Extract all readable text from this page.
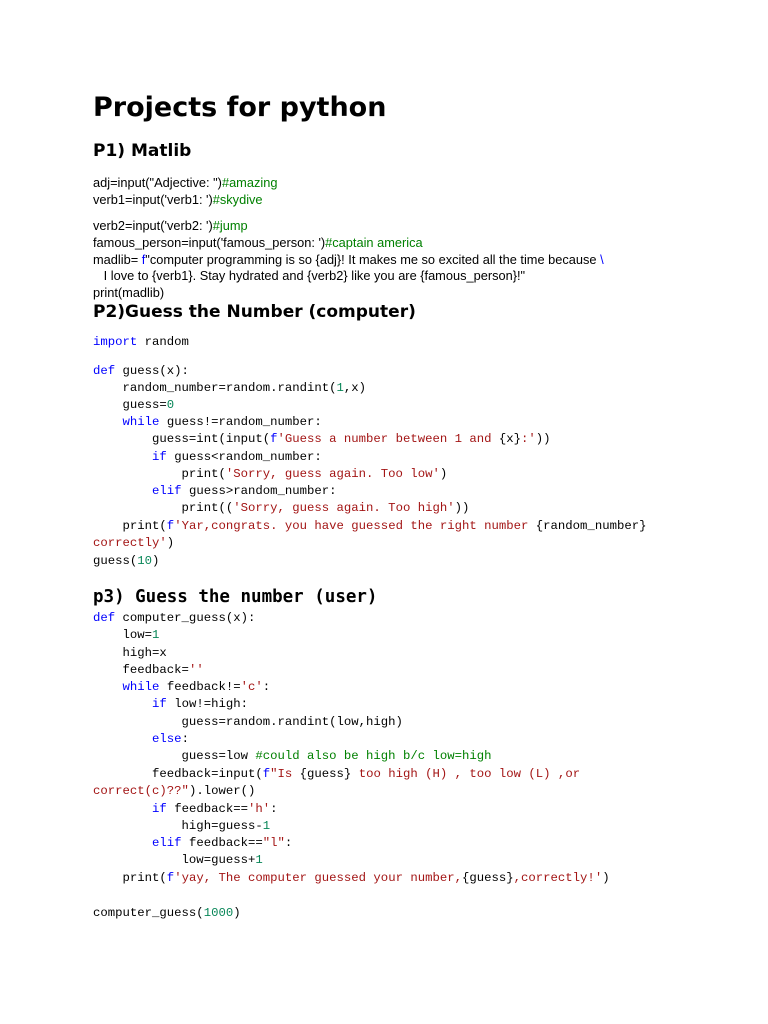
Projects for python
P1) Matlib
adj=input("Adjective: ")#amazing
verb1=input('verb1: ')#skydive
verb2=input('verb2: ')#jump
famous_person=input('famous_person: ')#captain america
madlib= f"computer programming is so {adj}! It makes me so excited all the time because \
I love to {verb1}. Stay hydrated and {verb2} like you are {famous_person}!"
print(madlib)
P2)Guess the Number (computer)
import random
def guess(x):
random_number=random.randint(1,x)
guess=0
while guess!=random_number:
guess=int(input(f'Guess a number between 1 and {x}:'))
if guess<random_number:
print('Sorry, guess again. Too low')
elif guess>random_number:
print(('Sorry, guess again. Too high'))
print(f'Yar,congrats. you have guessed the right number {random_number}
correctly')
guess(10)
p3) Guess the number (user)
def computer_guess(x):
low=1
high=x
feedback=''
while feedback!='c':
if low!=high:
guess=random.randint(low,high)
else:
guess=low #could also be high b/c low=high
feedback=input(f"Is {guess} too high (H) , too low (L) ,or
correct(c)??").lower()
if feedback=='h':
high=guess-1
elif feedback=="l":
low=guess+1
print(f'yay, The computer guessed your number,{guess},correctly!')
computer_guess(1000)
